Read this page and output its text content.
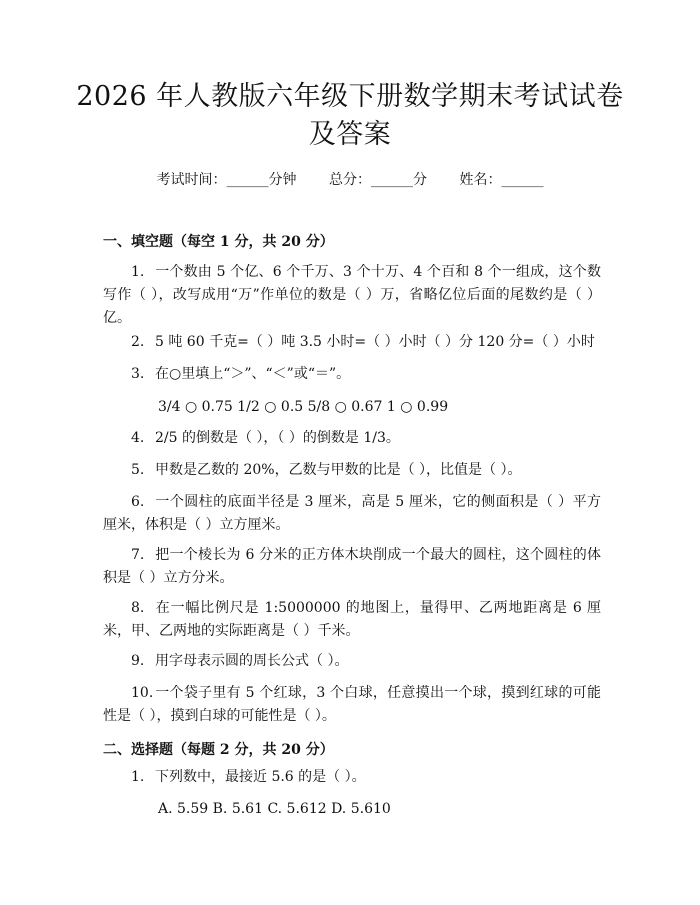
2026 年人教版六年级下册数学期末考试试卷
及答案
考试时间：______分钟 总分：______分 姓名：______
一、填空题（每空 1 分，共 20 分）
1. 一个数由 5 个亿、6 个千万、3 个十万、4 个百和 8 个一组成，这个数写作（ ），改写成用“万”作单位的数是（ ）万，省略亿位后面的尾数约是（ ）亿。
2. 5 吨 60 千克=（ ）吨 3.5 小时=（ ）小时（ ）分 120 分=（ ）小时
3. 在○里填上“＞”、“＜”或“＝”。
3/4 ○ 0.75 1/2 ○ 0.5 5/8 ○ 0.67 1 ○ 0.99
4. 2/5 的倒数是（ ），（ ）的倒数是 1/3。
5. 甲数是乙数的 20%，乙数与甲数的比是（ ），比值是（ ）。
6. 一个圆柱的底面半径是 3 厘米，高是 5 厘米，它的侧面积是（ ）平方厘米，体积是（ ）立方厘米。
7. 把一个棱长为 6 分米的正方体木块削成一个最大的圆柱，这个圆柱的体积是（ ）立方分米。
8. 在一幅比例尺是 1:5000000 的地图上，量得甲、乙两地距离是 6 厘米，甲、乙两地的实际距离是（ ）千米。
9. 用字母表示圆的周长公式（ ）。
10. 一个袋子里有 5 个红球，3 个白球，任意摸出一个球，摸到红球的可能性是（ ），摸到白球的可能性是（ ）。
二、选择题（每题 2 分，共 20 分）
1. 下列数中，最接近 5.6 的是（ ）。
A. 5.59 B. 5.61 C. 5.612 D. 5.610
